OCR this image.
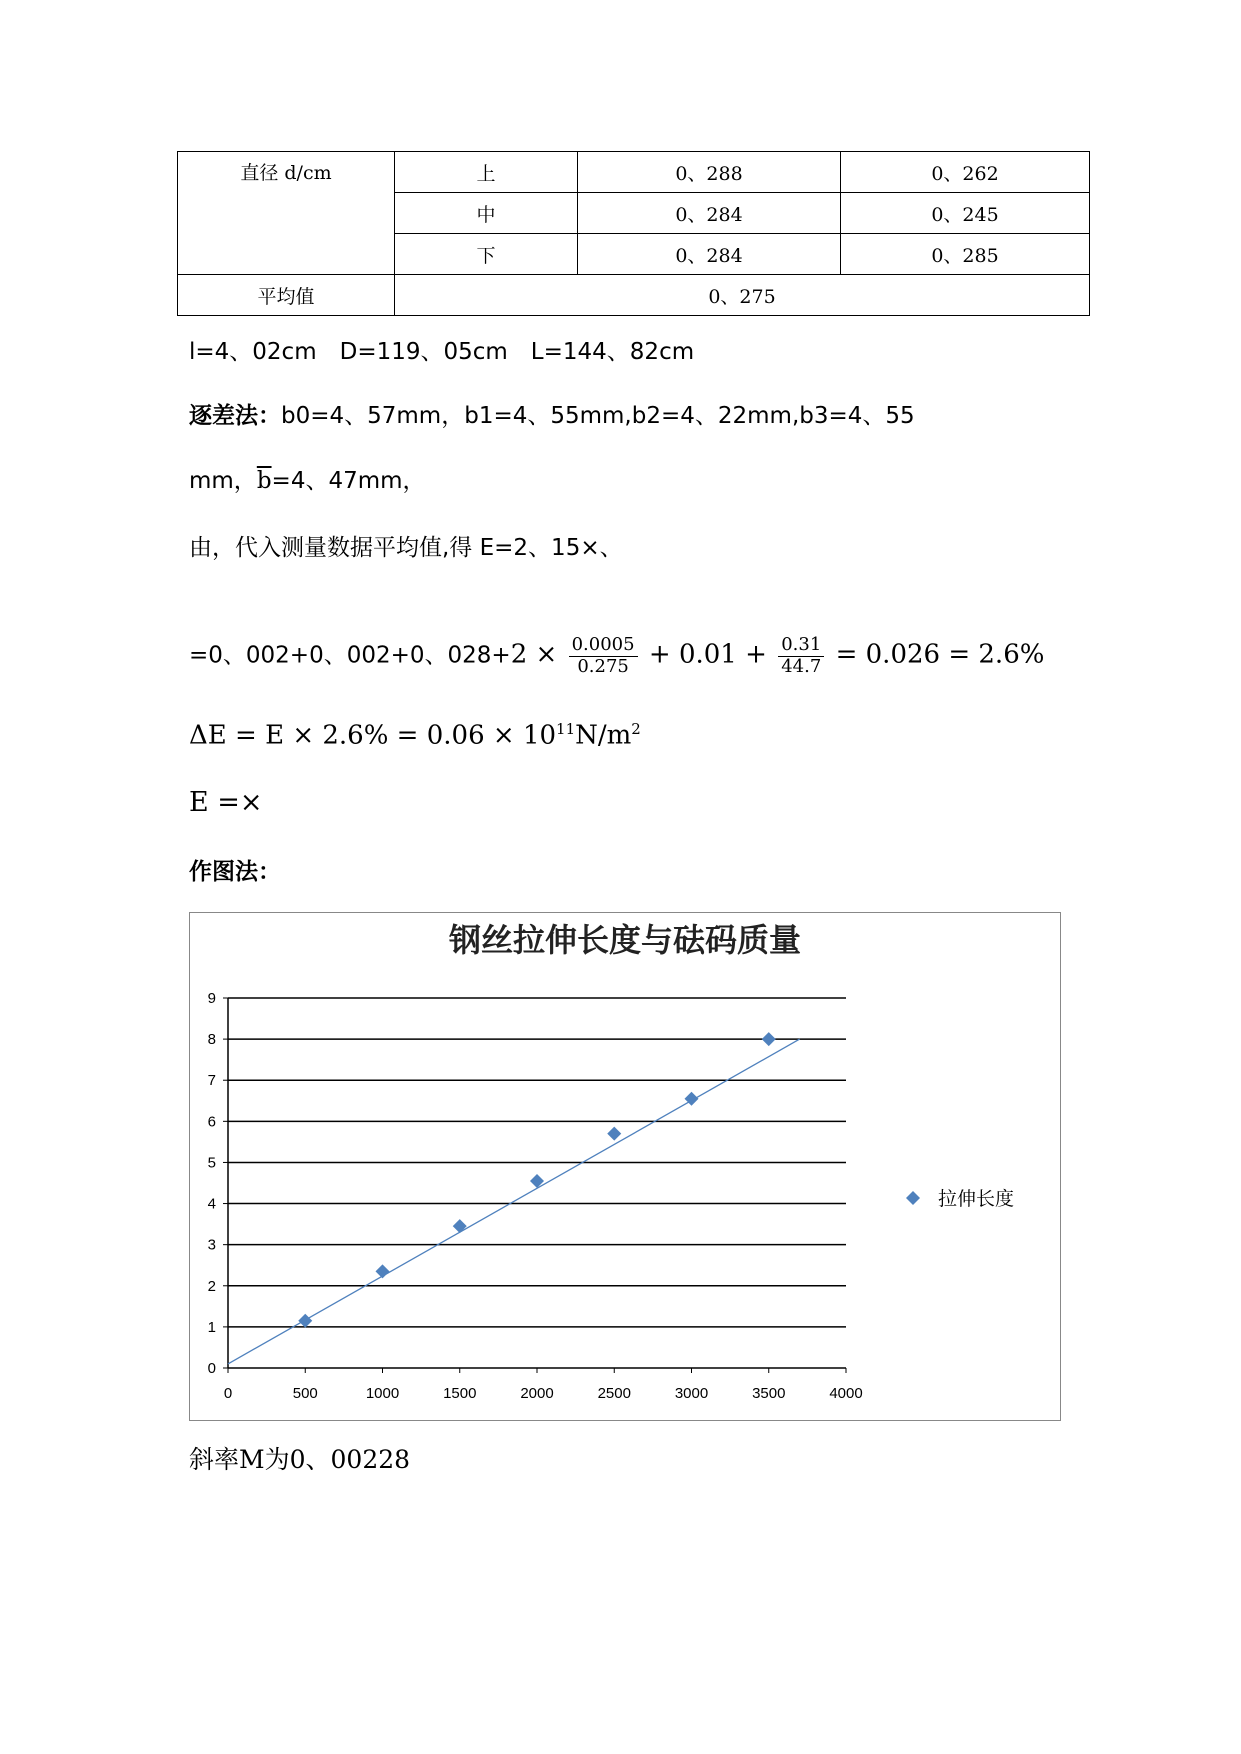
直径 d/cm	上	0、288	0、262
	中	0、284	0、245
	下	0、284	0、285
平均值	0、275		
l=4、02cm　D=119、05cm　L=144、82cm
逐差法：b0=4、57mm，b1=4、55mm,b2=4、22mm,b3=4、55
mm，$\overline{b}=4$、47mm，
由，代入测量数据平均值,得 E=2、15×、
=0、002+0、002+0、$028+2 \times \frac{0.0005}{0.275} + 0.01 + \frac{0.31}{44.7} = 0.026 = 2.6\%$
$\Delta E = E \times 2.6\% = 0.06 \times 10^{11}N/m^2$
E =×
作图法：
钢丝拉伸长度与砝码质量
0
1
2
3
4
5
6
7
8
9
0	500	1000	1500	2000	2500	3000	3500	4000
拉伸长度
斜率M为0、00228
